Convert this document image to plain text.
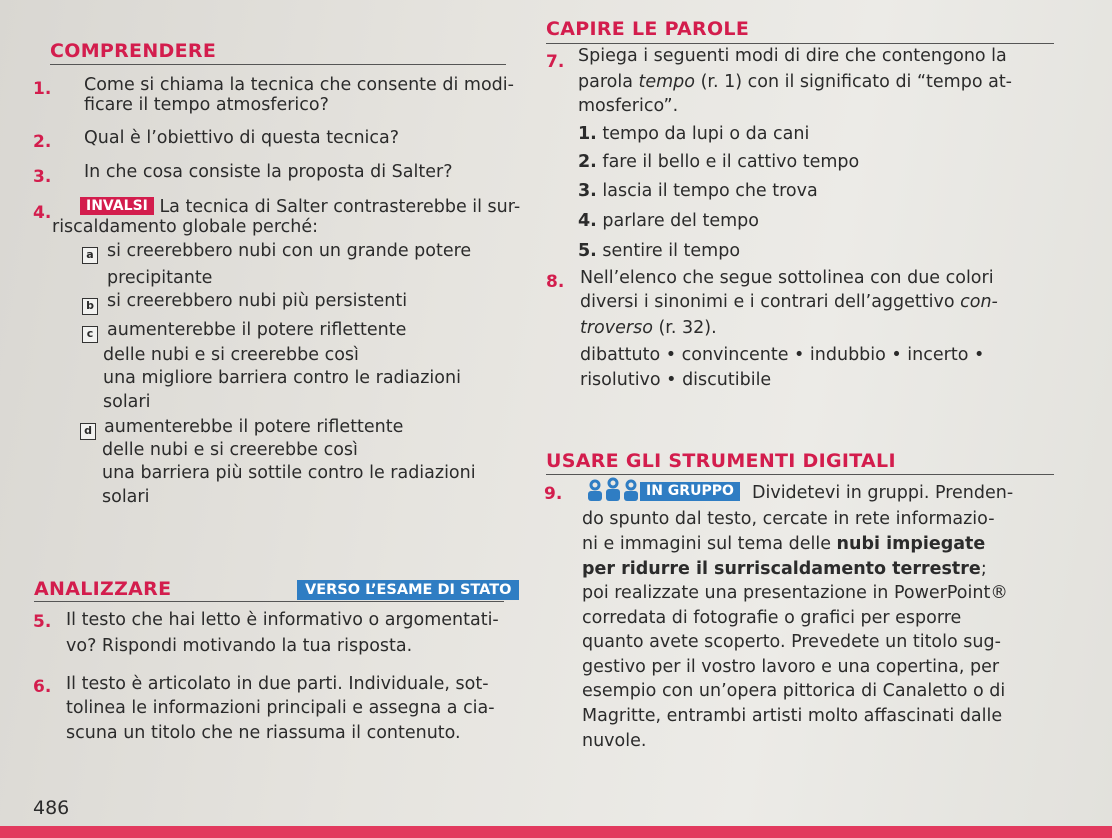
COMPRENDERE
1. Come si chiama la tecnica che consente di modi-
ficare il tempo atmosferico?
2. Qual è l’obiettivo di questa tecnica?
3. In che cosa consiste la proposta di Salter?
4.	INVALSI La tecnica di Salter contrasterebbe il sur-
riscaldamento globale perché:
a si creerebbero nubi con un grande potere
precipitante
b si creerebbero nubi più persistenti
c aumenterebbe il potere riflettente
delle nubi e si creerebbe così
una migliore barriera contro le radiazioni
solari
d aumenterebbe il potere riflettente
delle nubi e si creerebbe così
una barriera più sottile contro le radiazioni
solari
ANALIZZARE	VERSO L’ESAME DI STATO
5. Il testo che hai letto è informativo o argomentati-
vo? Rispondi motivando la tua risposta.
6. Il testo è articolato in due parti. Individuale, sot-
tolinea le informazioni principali e assegna a cia-
scuna un titolo che ne riassuma il contenuto.
486
CAPIRE LE PAROLE
7. Spiega i seguenti modi di dire che contengono la
parola tempo (r. 1) con il significato di “tempo at-
mosferico”.
1. tempo da lupi o da cani
2. fare il bello e il cattivo tempo
3. lascia il tempo che trova
4. parlare del tempo
5. sentire il tempo
8. Nell’elenco che segue sottolinea con due colori
diversi i sinonimi e i contrari dell’aggettivo con-
troverso (r. 32).
dibattuto • convincente • indubbio • incerto •
risolutivo • discutibile
USARE GLI STRUMENTI DIGITALI
9.	IN GRUPPO	Dividetevi in gruppi. Prenden-
do spunto dal testo, cercate in rete informazio-
ni e immagini sul tema delle nubi impiegate
per ridurre il surriscaldamento terrestre;
poi realizzate una presentazione in PowerPoint®
corredata di fotografie o grafici per esporre
quanto avete scoperto. Prevedete un titolo sug-
gestivo per il vostro lavoro e una copertina, per
esempio con un’opera pittorica di Canaletto o di
Magritte, entrambi artisti molto affascinati dalle
nuvole.
